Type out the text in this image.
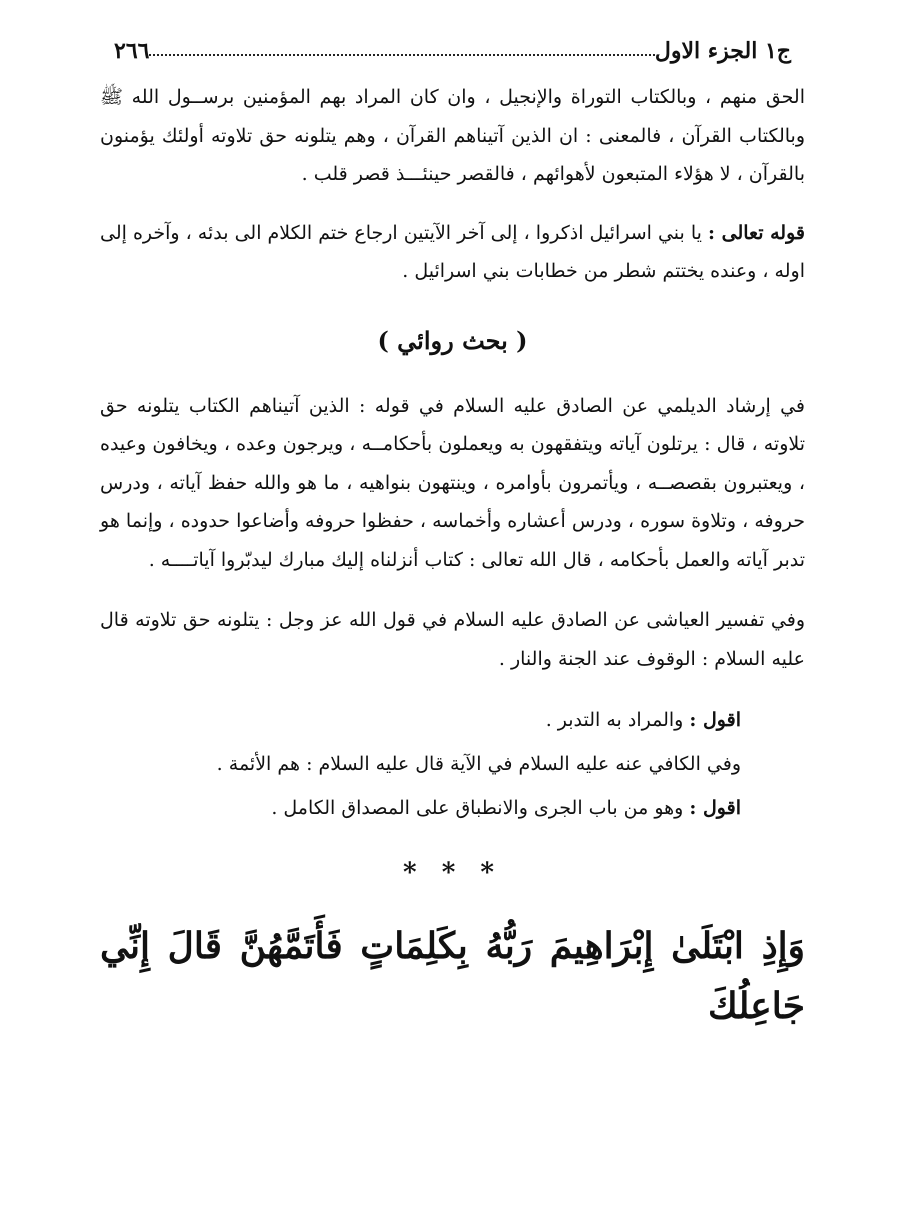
ج١ الجزء الاول
٢٦٦

الحق منهم ، وبالكتاب التوراة والإنجيل ، وان كان المراد بهم المؤمنين برســول الله ﷺ وبالكتاب القرآن ، فالمعنى : ان الذين آتيناهم القرآن ، وهم يتلونه حق تلاوته أولئك يؤمنون بالقرآن ، لا هؤلاء المتبعون لأهوائهم ، فالقصر حينئـــذ قصر قلب .

قوله تعالى : يا بني اسرائيل اذكروا ، إلى آخر الآيتين ارجاع ختم الكلام الى بدئه ، وآخره إلى اوله ، وعنده يختتم شطر من خطابات بني اسرائيل .

( بحث روائي )

في إرشاد الديلمي عن الصادق عليه السلام في قوله : الذين آتيناهم الكتاب يتلونه حق تلاوته ، قال : يرتلون آياته ويتفقهون به ويعملون بأحكامــه ، ويرجون وعده ، ويخافون وعيده ، ويعتبرون بقصصــه ، ويأتمرون بأوامره ، وينتهون بنواهيه ، ما هو والله حفظ آياته ، ودرس حروفه ، وتلاوة سوره ، ودرس أعشاره وأخماسه ، حفظوا حروفه وأضاعوا حدوده ، وإنما هو تدبر آياته والعمل بأحكامه ، قال الله تعالى : كتاب أنزلناه إليك مبارك ليدبّروا آياتــــه .

وفي تفسير العياشى عن الصادق عليه السلام في قول الله عز وجل : يتلونه حق تلاوته قال عليه السلام : الوقوف عند الجنة والنار .

اقول : والمراد به التدبر .

وفي الكافي عنه عليه السلام في الآية قال عليه السلام : هم الأئمة .

اقول : وهو من باب الجرى والانطباق على المصداق الكامل .

* * *
وَإِذِ ابْتَلَىٰ إِبْرَاهِيمَ رَبُّهُ بِكَلِمَاتٍ فَأَتَمَّهُنَّ قَالَ إِنِّي جَاعِلُكَ
